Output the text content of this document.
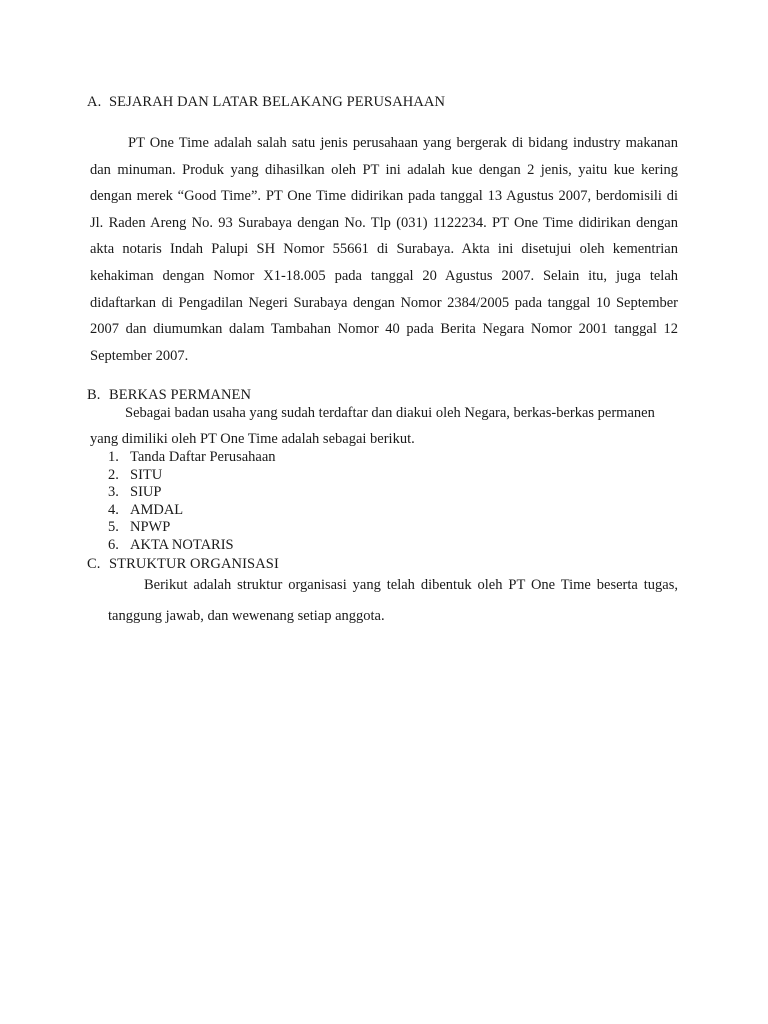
A. SEJARAH DAN LATAR BELAKANG PERUSAHAAN
PT One Time adalah salah satu jenis perusahaan yang bergerak di bidang industry makanan dan minuman. Produk yang dihasilkan oleh PT ini adalah kue dengan 2 jenis, yaitu kue kering dengan merek “Good Time”. PT One Time didirikan pada tanggal 13 Agustus 2007, berdomisili di Jl. Raden Areng No. 93 Surabaya dengan No. Tlp (031) 1122234. PT One Time didirikan dengan akta notaris Indah Palupi SH Nomor 55661 di Surabaya. Akta ini disetujui oleh kementrian kehakiman dengan Nomor X1-18.005 pada tanggal 20 Agustus 2007. Selain itu, juga telah didaftarkan di Pengadilan Negeri Surabaya dengan Nomor 2384/2005 pada tanggal 10 September 2007 dan diumumkan dalam Tambahan Nomor 40 pada Berita Negara Nomor 2001 tanggal 12 September 2007.
B. BERKAS PERMANEN
Sebagai badan usaha yang sudah terdaftar dan diakui oleh Negara, berkas-berkas permanen
yang dimiliki oleh PT One Time adalah sebagai berikut.
1. Tanda Daftar Perusahaan
2. SITU
3. SIUP
4. AMDAL
5. NPWP
6. AKTA NOTARIS
C. STRUKTUR ORGANISASI
Berikut adalah struktur organisasi yang telah dibentuk oleh PT One Time beserta tugas, tanggung jawab, dan wewenang setiap anggota.
